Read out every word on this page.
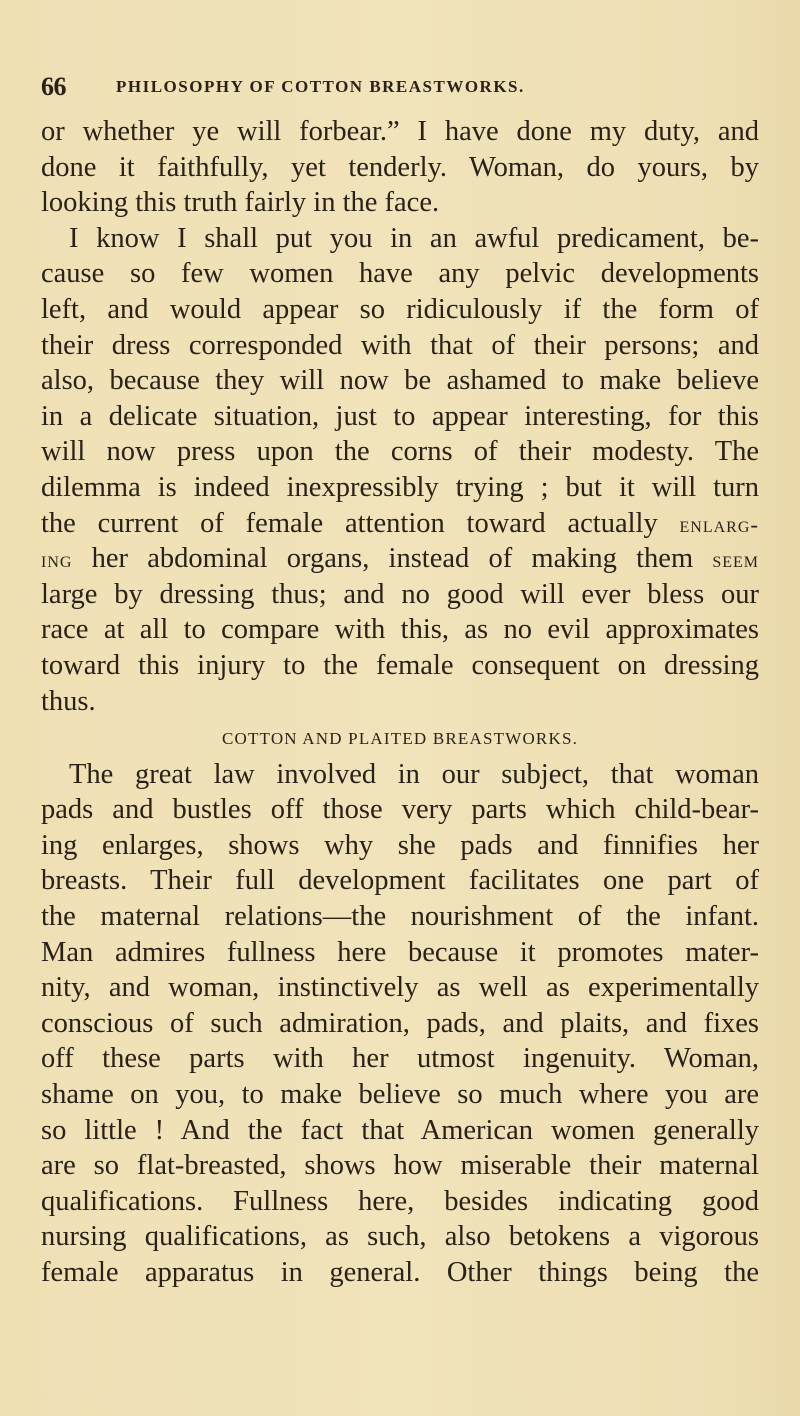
66	PHILOSOPHY OF COTTON BREASTWORKS.
or whether ye will forbear.” I have done my duty, and
done it faithfully, yet tenderly. Woman, do yours, by
looking this truth fairly in the face.
I know I shall put you in an awful predicament, be-
cause so few women have any pelvic developments
left, and would appear so ridiculously if the form of
their dress corresponded with that of their persons; and
also, because they will now be ashamed to make believe
in a delicate situation, just to appear interesting, for this
will now press upon the corns of their modesty. The
dilemma is indeed inexpressibly trying ; but it will turn
the current of female attention toward actually enlarg-
ing her abdominal organs, instead of making them seem
large by dressing thus; and no good will ever bless our
race at all to compare with this, as no evil approximates
toward this injury to the female consequent on dressing
thus.
COTTON AND PLAITED BREASTWORKS.
The great law involved in our subject, that woman
pads and bustles off those very parts which child-bear-
ing enlarges, shows why she pads and finnifies her
breasts. Their full development facilitates one part of
the maternal relations—the nourishment of the infant.
Man admires fullness here because it promotes mater-
nity, and woman, instinctively as well as experimentally
conscious of such admiration, pads, and plaits, and fixes
off these parts with her utmost ingenuity. Woman,
shame on you, to make believe so much where you are
so little ! And the fact that American women generally
are so flat-breasted, shows how miserable their maternal
qualifications. Fullness here, besides indicating good
nursing qualifications, as such, also betokens a vigorous
female apparatus in general. Other things being the
